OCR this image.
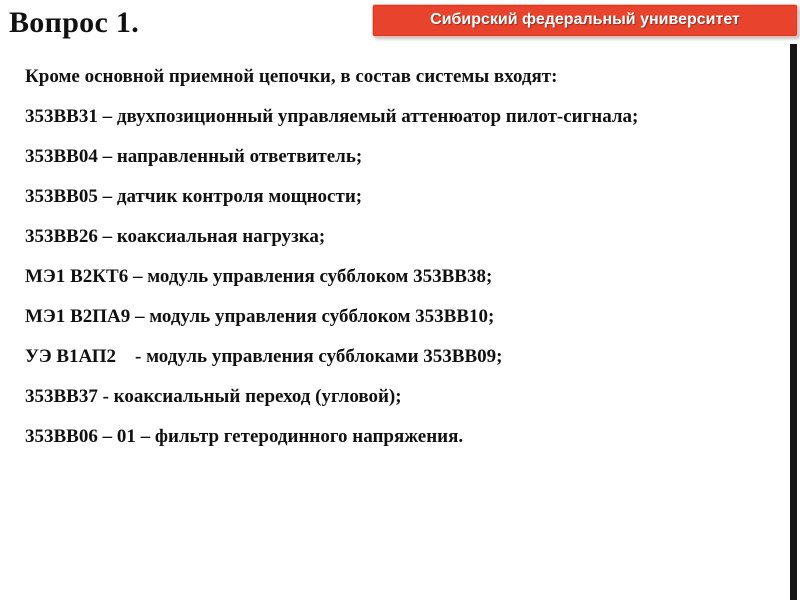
Вопрос 1.	Сибирский федеральный университет

Кроме основной приемной цепочки, в состав системы входят:

353ВВ31 – двухпозиционный управляемый аттенюатор пилот-сигнала;

353ВВ04 – направленный ответвитель;

353ВВ05 – датчик контроля мощности;

353ВВ26 – коаксиальная нагрузка;

МЭ1 В2КТ6 – модуль управления субблоком 353ВВ38;

МЭ1 В2ПА9 – модуль управления субблоком 353ВВ10;

УЭ В1АП2    - модуль управления субблоками 353ВВ09;

353ВВ37 - коаксиальный переход (угловой);

353ВВ06 – 01 – фильтр гетеродинного напряжения.
